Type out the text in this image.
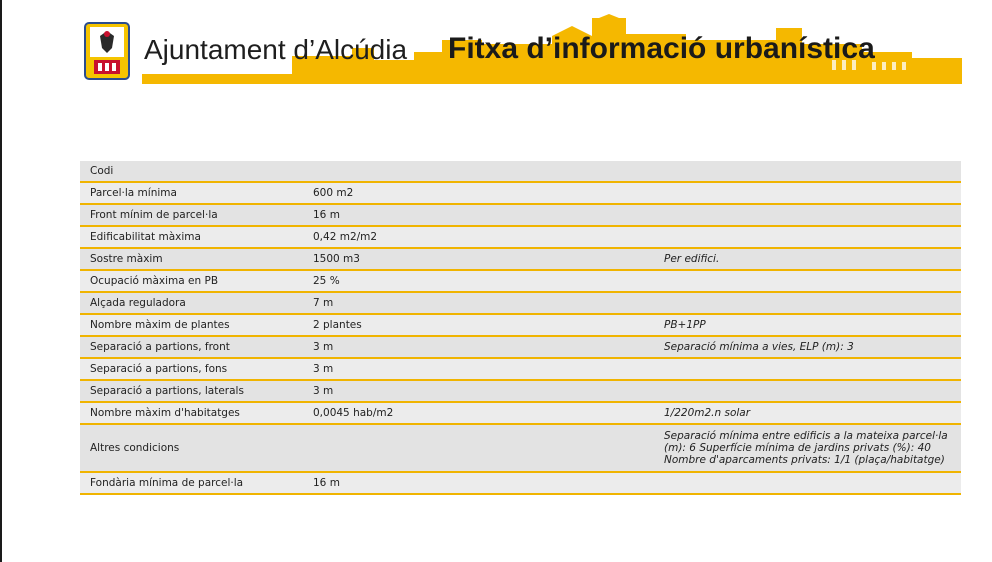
Ajuntament d’Alcúdia Fitxa d’informació urbanística
Codi		
Parcel·la mínima	600 m2	
Front mínim de parcel·la	16 m	
Edificabilitat màxima	0,42 m2/m2	
Sostre màxim	1500 m3	Per edifici.
Ocupació màxima en PB	25 %	
Alçada reguladora	7 m	
Nombre màxim de plantes	2 plantes	PB+1PP
Separació a partions, front	3 m	Separació mínima a vies, ELP (m): 3
Separació a partions, fons	3 m	
Separació a partions, laterals	3 m	
Nombre màxim d'habitatges	0,0045 hab/m2	1/220m2.n solar
Altres condicions		Separació mínima entre edificis a la mateixa parcel·la (m): 6 Superfície mínima de jardins privats (%): 40 Nombre d'aparcaments privats: 1/1 (plaça/habitatge)
Fondària mínima de parcel·la	16 m	
